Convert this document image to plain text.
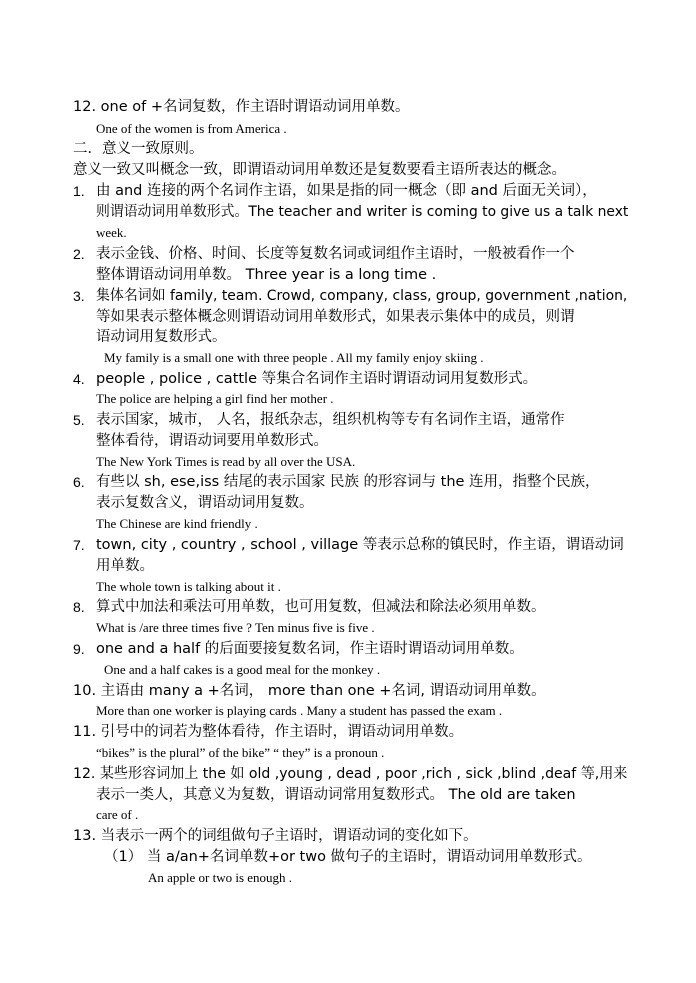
12. one of +名词复数，作主语时谓语动词用单数。
One of the women is from America .
二．意义一致原则。
意义一致又叫概念一致，即谓语动词用单数还是复数要看主语所表达的概念。
1. 由 and 连接的两个名词作主语，如果是指的同一概念（即 and 后面无关词），
则谓语动词用单数形式。The teacher and writer is coming to give us a talk next
week.
2. 表示金钱、价格、时间、长度等复数名词或词组作主语时，一般被看作一个
整体谓语动词用单数。 Three year is a long time .
3. 集体名词如 family, team. Crowd, company, class, group, government ,nation,
等如果表示整体概念则谓语动词用单数形式，如果表示集体中的成员，则谓
语动词用复数形式。
My family is a small one with three people . All my family enjoy skiing .
4. people , police , cattle 等集合名词作主语时谓语动词用复数形式。
The police are helping a girl find her mother .
5. 表示国家，城市， 人名，报纸杂志，组织机构等专有名词作主语，通常作
整体看待，谓语动词要用单数形式。
The New York Times is read by all over the USA.
6. 有些以 sh, ese,iss 结尾的表示国家 民族 的形容词与 the 连用，指整个民族，
表示复数含义，谓语动词用复数。
The Chinese are kind friendly .
7. town, city , country , school , village 等表示总称的镇民时，作主语，谓语动词
用单数。
The whole town is talking about it .
8. 算式中加法和乘法可用单数，也可用复数，但减法和除法必须用单数。
What is /are three times five ? Ten minus five is five .
9. one and a half 的后面要接复数名词，作主语时谓语动词用单数。
One and a half cakes is a good meal for the monkey .
10. 主语由 many a +名词， more than one +名词, 谓语动词用单数。
More than one worker is playing cards . Many a student has passed the exam .
11. 引号中的词若为整体看待，作主语时，谓语动词用单数。
“bikes” is the plural” of the bike” “ they” is a pronoun .
12. 某些形容词加上 the 如 old ,young , dead , poor ,rich , sick ,blind ,deaf 等,用来
表示一类人，其意义为复数，谓语动词常用复数形式。 The old are taken
care of .
13. 当表示一两个的词组做句子主语时，谓语动词的变化如下。
（1） 当 a/an+名词单数+or two 做句子的主语时，谓语动词用单数形式。
An apple or two is enough .
